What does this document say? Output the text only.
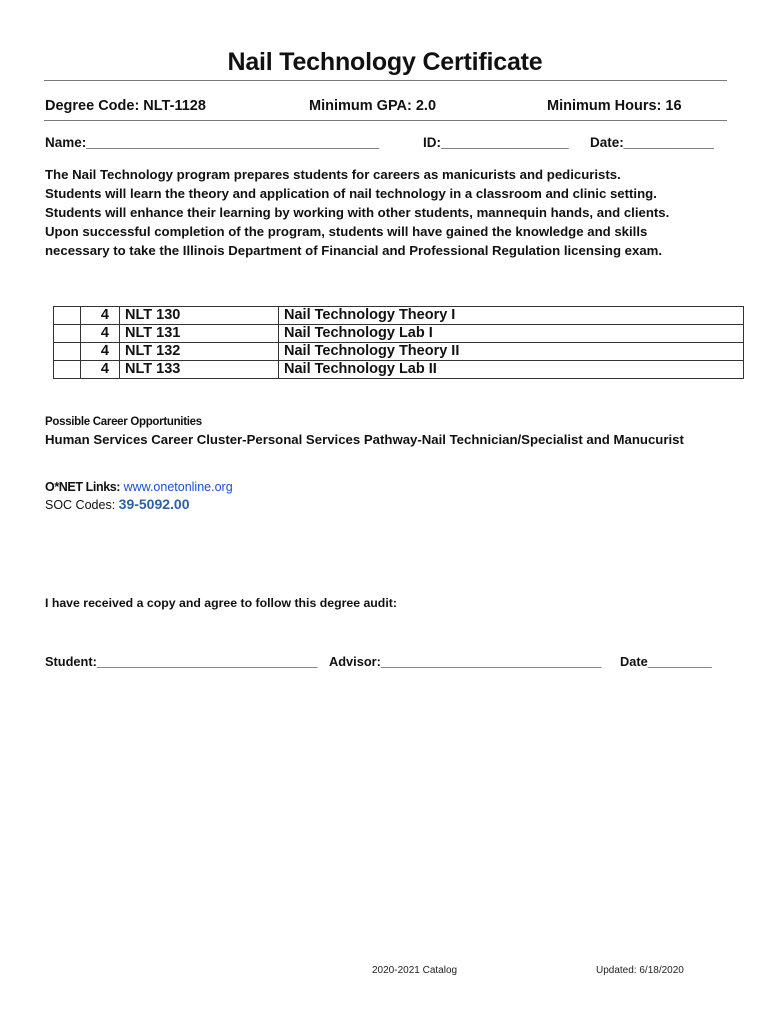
Nail Technology Certificate
Degree Code: NLT-1128	Minimum GPA: 2.0	Minimum Hours: 16
Name:_______________________________________	ID:_________________ Date:____________
The Nail Technology program prepares students for careers as manicurists and pedicurists.
Students will learn the theory and application of nail technology in a classroom and clinic setting.
Students will enhance their learning by working with other students, mannequin hands, and clients.
Upon successful completion of the program, students will have gained the knowledge and skills
necessary to take the Illinois Department of Financial and Professional Regulation licensing exam.
	4	NLT 130	Nail Technology Theory I
	4	NLT 131	Nail Technology Lab I
	4	NLT 132	Nail Technology Theory II
	4	NLT 133	Nail Technology Lab II
Possible Career Opportunities
Human Services Career Cluster-Personal Services Pathway-Nail Technician/Specialist and Manucurist
O*NET Links: www.onetonline.org
SOC Codes: 39-5092.00
I have received a copy and agree to follow this degree audit:
Student:_______________________________ Advisor:_______________________________ Date_________
2020-2021 Catalog	Updated: 6/18/2020
